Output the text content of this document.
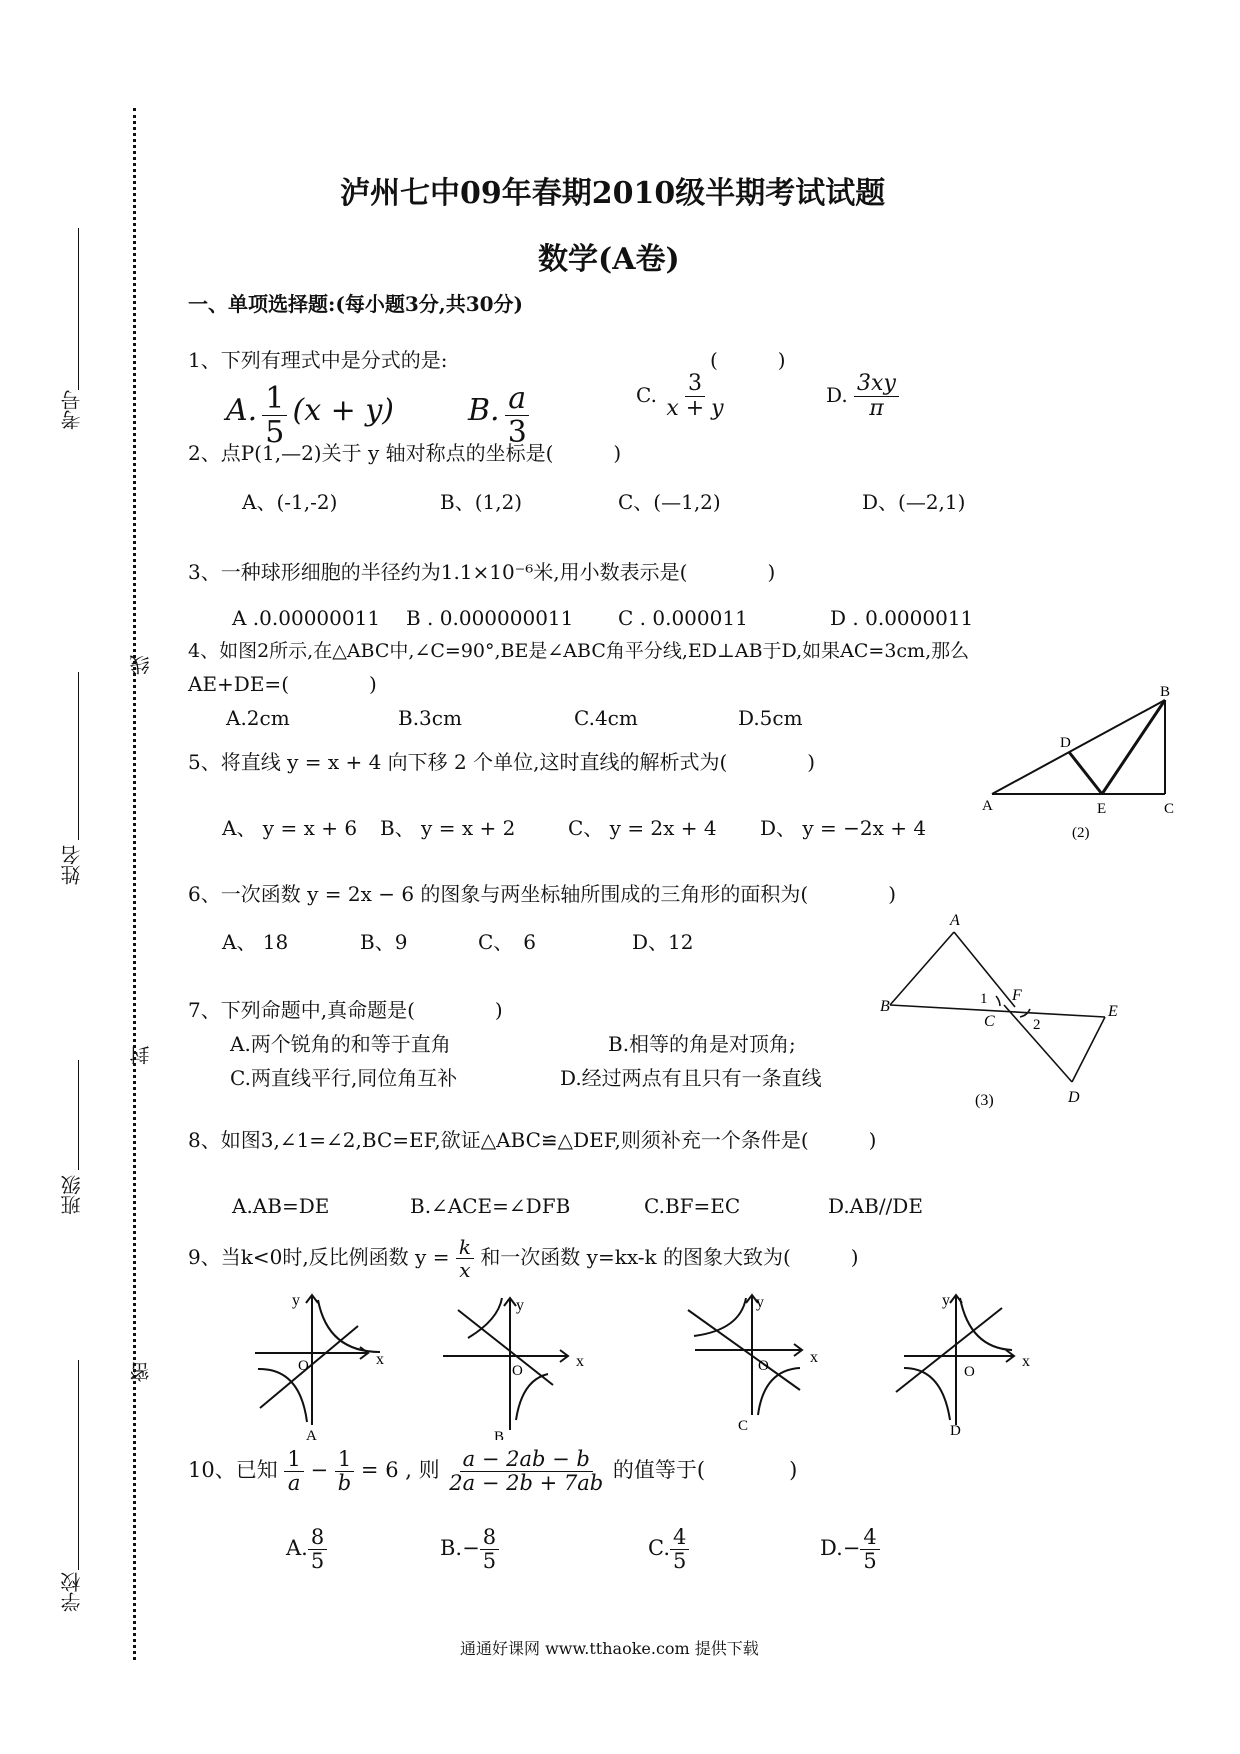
考号
姓名
班级
学校
线
封
密
泸州七中09年春期2010级半期考试试题
数学(A卷)
一、单项选择题:(每小题3分,共30分)
1、下列有理式中是分式的是:	(　　　)
A. $\frac{1}{5} (x + y)$ B. $\frac{a}{3}$	C. $\frac{3}{x + y}$	D. $\frac{3xy}{\pi}$
2、点P(1,—2)关于 y 轴对称点的坐标是(　　　)
A、(-1,-2)	B、(1,2)	C、(—1,2)	D、(—2,1)
3、一种球形细胞的半径约为1.1×10⁻⁶米,用小数表示是(　　　　)
A .0.00000011 B . 0.000000011 C . 0.000011	D . 0.0000011
4、如图2所示,在△ABC中,∠C=90°,BE是∠ABC角平分线,ED⊥AB于D,如果AC=3cm,那么
AE+DE=(　　　　)
A.2cm	B.3cm	C.4cm	D.5cm
A
B
C
D
E
(2)
5、将直线 y = x + 4 向下移 2 个单位,这时直线的解析式为(　　　　)
A、 y = x + 6 B、 y = x + 2	C、 y = 2x + 4 D、 y = −2x + 4
6、一次函数 y = 2x − 6 的图象与两坐标轴所围成的三角形的面积为(　　　　)
A、 18	B、9	C、　6	D、12
A
B
C
F
E
D
1
2
(3)
7、下列命题中,真命题是(　　　　)
A.两个锐角的和等于直角	B.相等的角是对顶角;
C.两直线平行,同位角互补	D.经过两点有且只有一条直线
8、如图3,∠1=∠2,BC=EF,欲证△ABC≌△DEF,则须补充一个条件是(　　　)
A.AB=DE	B.∠ACE=∠DFB	C.BF=EC	D.AB//DE
9、当k<0时,反比例函数 $y = \frac{k}{x}$ 和一次函数 y=kx-k 的图象大致为(　　　)
y
x
O
A
y
x
O
B
y
x
O
C
y
x
O
D
10、已知 $\frac{1}{a} - \frac{1}{b} = 6$ , 则 $\frac{a - 2ab - b}{2a - 2b + 7ab}$ 的值等于(　　　　)
A. $\frac{8}{5}$	$B.- \frac{8}{5}$	C. $\frac{4}{5}$	$D.- \frac{4}{5}$
通通好课网 www.tthaoke.com 提供下载
